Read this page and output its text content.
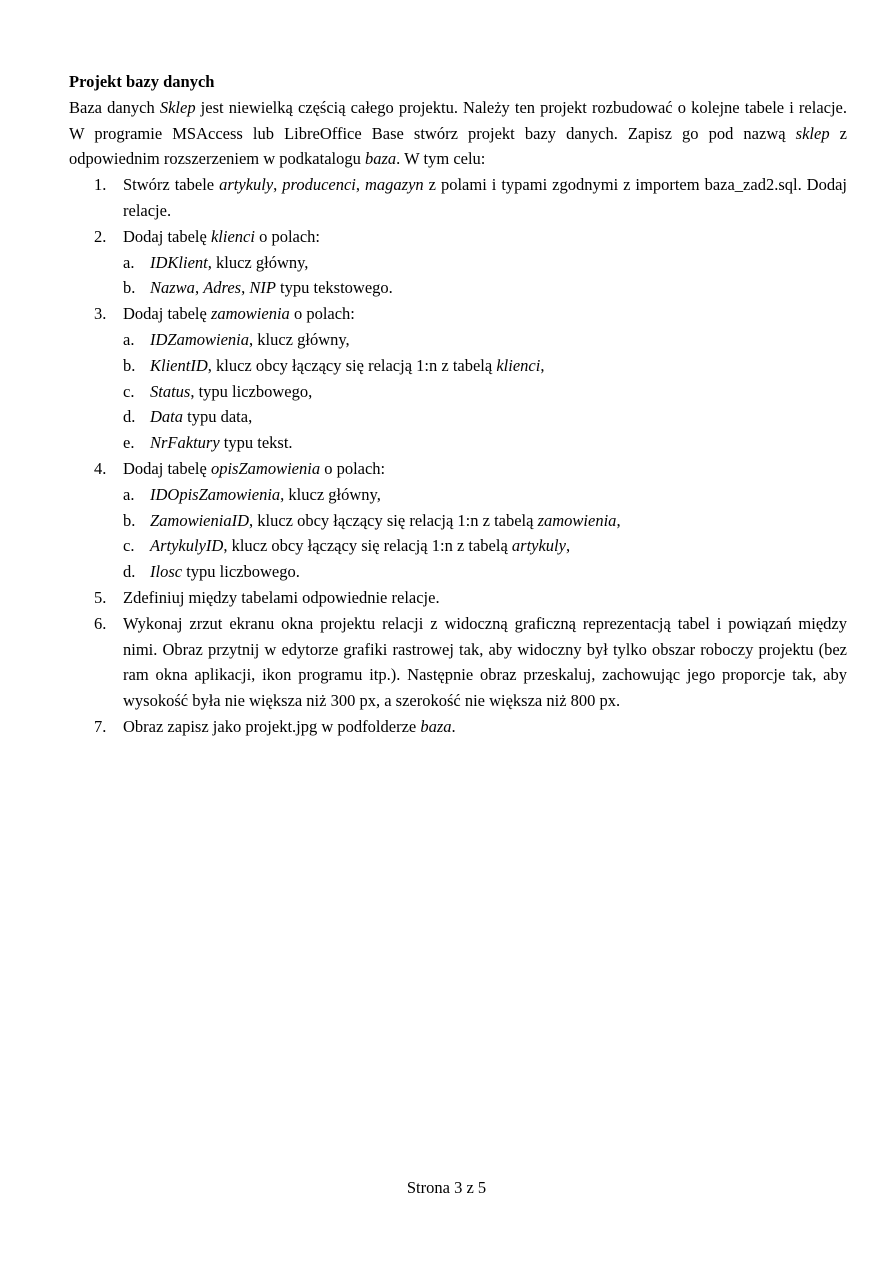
Projekt bazy danych

Baza danych Sklep jest niewielką częścią całego projektu. Należy ten projekt rozbudować o kolejne tabele i relacje. W programie MSAccess lub LibreOffice Base stwórz projekt bazy danych. Zapisz go pod nazwą sklep z odpowiednim rozszerzeniem w podkatalogu baza. W tym celu:

1. Stwórz tabele artykuly, producenci, magazyn z polami i typami zgodnymi z importem baza_zad2.sql. Dodaj relacje.
2. Dodaj tabelę klienci o polach:
a. IDKlient, klucz główny,
b. Nazwa, Adres, NIP typu tekstowego.
3. Dodaj tabelę zamowienia o polach:
a. IDZamowienia, klucz główny,
b. KlientID, klucz obcy łączący się relacją 1:n z tabelą klienci,
c. Status, typu liczbowego,
d. Data typu data,
e. NrFaktury typu tekst.
4. Dodaj tabelę opisZamowienia o polach:
a. IDOpisZamowienia, klucz główny,
b. ZamowieniaID, klucz obcy łączący się relacją 1:n z tabelą zamowienia,
c. ArtykulyID, klucz obcy łączący się relacją 1:n z tabelą artykuly,
d. Ilosc typu liczbowego.
5. Zdefiniuj między tabelami odpowiednie relacje.
6. Wykonaj zrzut ekranu okna projektu relacji z widoczną graficzną reprezentacją tabel i powiązań między nimi. Obraz przytnij w edytorze grafiki rastrowej tak, aby widoczny był tylko obszar roboczy projektu (bez ram okna aplikacji, ikon programu itp.). Następnie obraz przeskaluj, zachowując jego proporcje tak, aby wysokość była nie większa niż 300 px, a szerokość nie większa niż 800 px.
7. Obraz zapisz jako projekt.jpg w podfolderze baza.
Strona 3 z 5
